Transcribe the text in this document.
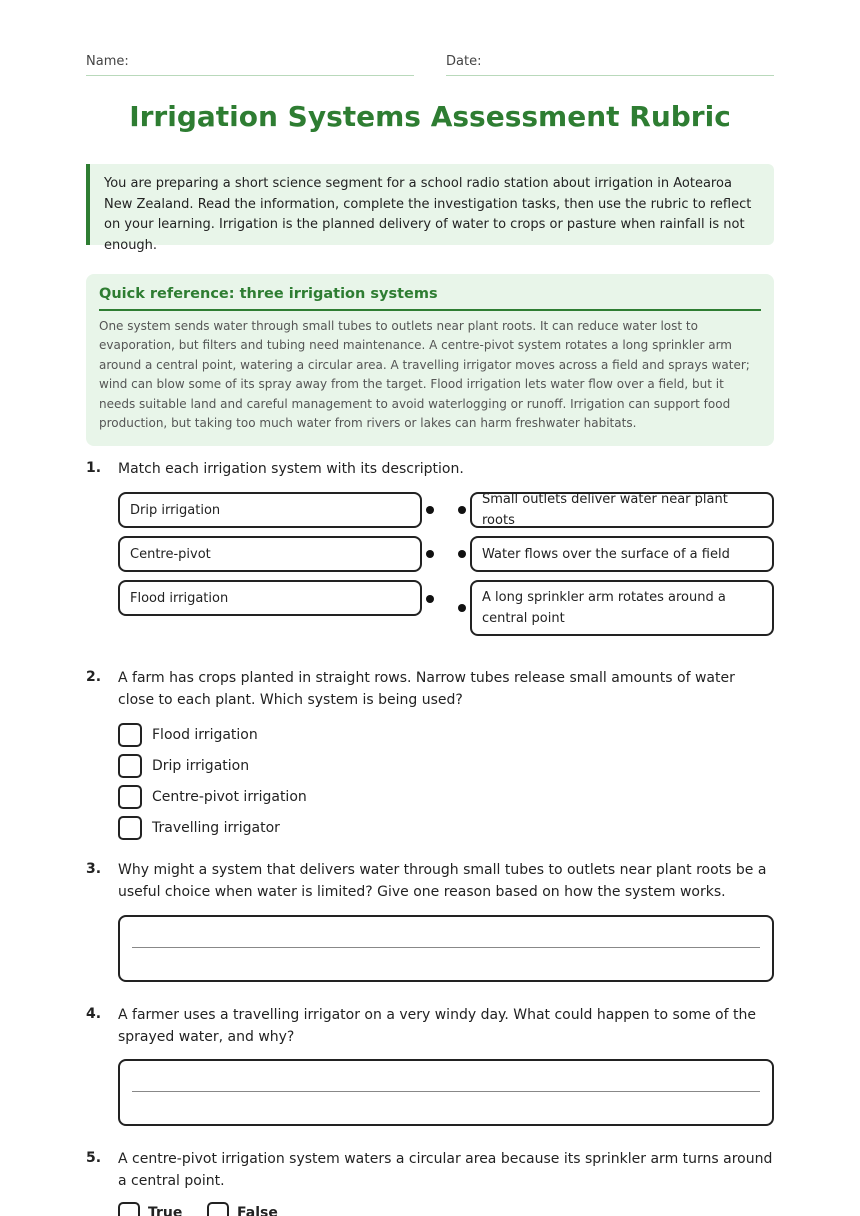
Name:	Date:
Irrigation Systems Assessment Rubric
You are preparing a short science segment for a school radio station about irrigation in Aotearoa New Zealand. Read the information, complete the investigation tasks, then use the rubric to reflect on your learning. Irrigation is the planned delivery of water to crops or pasture when rainfall is not enough.
Quick reference: three irrigation systems
One system sends water through small tubes to outlets near plant roots. It can reduce water lost to evaporation, but filters and tubing need maintenance. A centre-pivot system rotates a long sprinkler arm around a central point, watering a circular area. A travelling irrigator moves across a field and sprays water; wind can blow some of its spray away from the target. Flood irrigation lets water flow over a field, but it needs suitable land and careful management to avoid waterlogging or runoff. Irrigation can support food production, but taking too much water from rivers or lakes can harm freshwater habitats.
1. Match each irrigation system with its description.
Drip irrigation
Centre-pivot
Flood irrigation
Small outlets deliver water near plant roots
Water flows over the surface of a field
A long sprinkler arm rotates around a central point
2. A farm has crops planted in straight rows. Narrow tubes release small amounts of water close to each plant. Which system is being used?
Flood irrigation
Drip irrigation
Centre-pivot irrigation
Travelling irrigator
3. Why might a system that delivers water through small tubes to outlets near plant roots be a useful choice when water is limited? Give one reason based on how the system works.
4. A farmer uses a travelling irrigator on a very windy day. What could happen to some of the sprayed water, and why?
5. A centre-pivot irrigation system waters a circular area because its sprinkler arm turns around a central point.
True	False
